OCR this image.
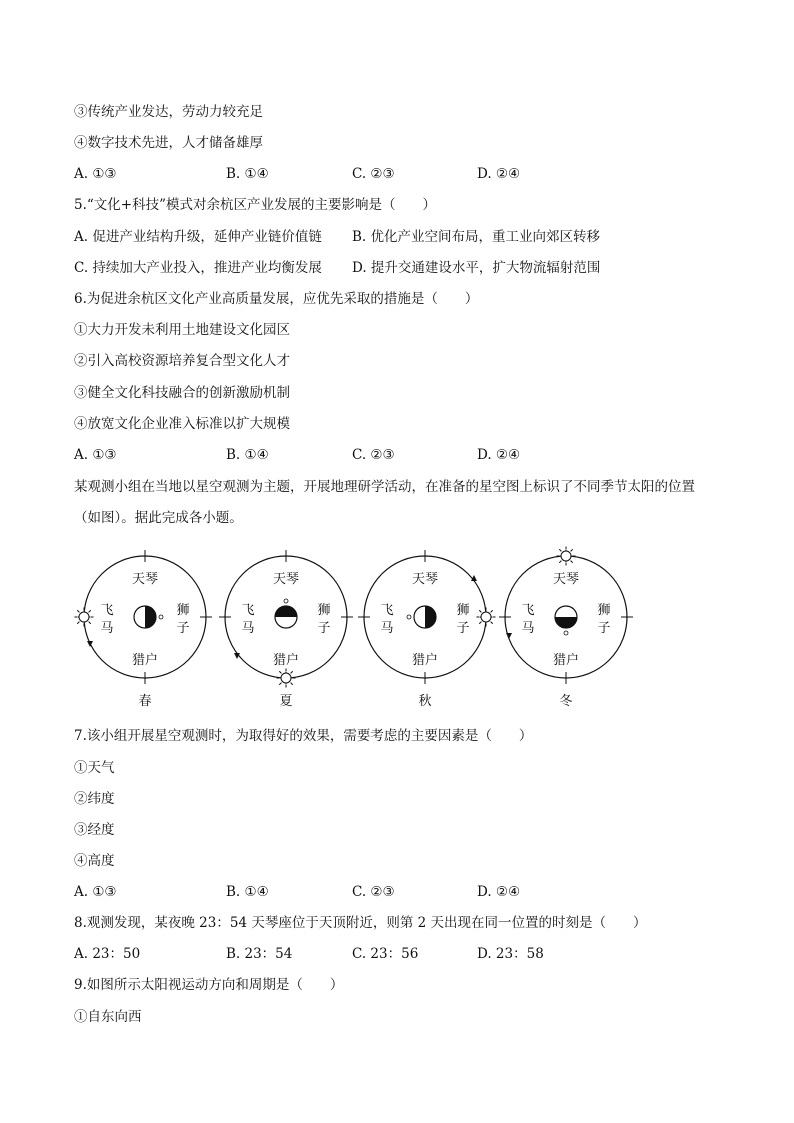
③传统产业发达，劳动力较充足
④数字技术先进，人才储备雄厚
A. ①③	B. ①④	C. ②③	D. ②④
5.“文化+科技”模式对余杭区产业发展的主要影响是（　　）
A. 促进产业结构升级，延伸产业链价值链 B. 优化产业空间布局，重工业向郊区转移
C. 持续加大产业投入，推进产业均衡发展 D. 提升交通建设水平，扩大物流辐射范围
6.为促进余杭区文化产业高质量发展，应优先采取的措施是（　　）
①大力开发未利用土地建设文化园区
②引入高校资源培养复合型文化人才
③健全文化科技融合的创新激励机制
④放宽文化企业准入标准以扩大规模
A. ①③	B. ①④	C. ②③	D. ②④
某观测小组在当地以星空观测为主题，开展地理研学活动，在准备的星空图上标识了不同季节太阳的位置
（如图）。据此完成各小题。
天琴
猎户
飞
马
狮
子
春
天琴
猎户
飞
马
狮
子
夏
天琴
猎户
飞
马
狮
子
秋
天琴
猎户
飞
马
狮
子
冬
7.该小组开展星空观测时，为取得好的效果，需要考虑的主要因素是（　　）
①天气
②纬度
③经度
④高度
A. ①③	B. ①④	C. ②③	D. ②④
8.观测发现，某夜晚 23：54 天琴座位于天顶附近，则第 2 天出现在同一位置的时刻是（　　）
A. 23：50	B. 23：54	C. 23：56	D. 23：58
9.如图所示太阳视运动方向和周期是（　　）
①自东向西
